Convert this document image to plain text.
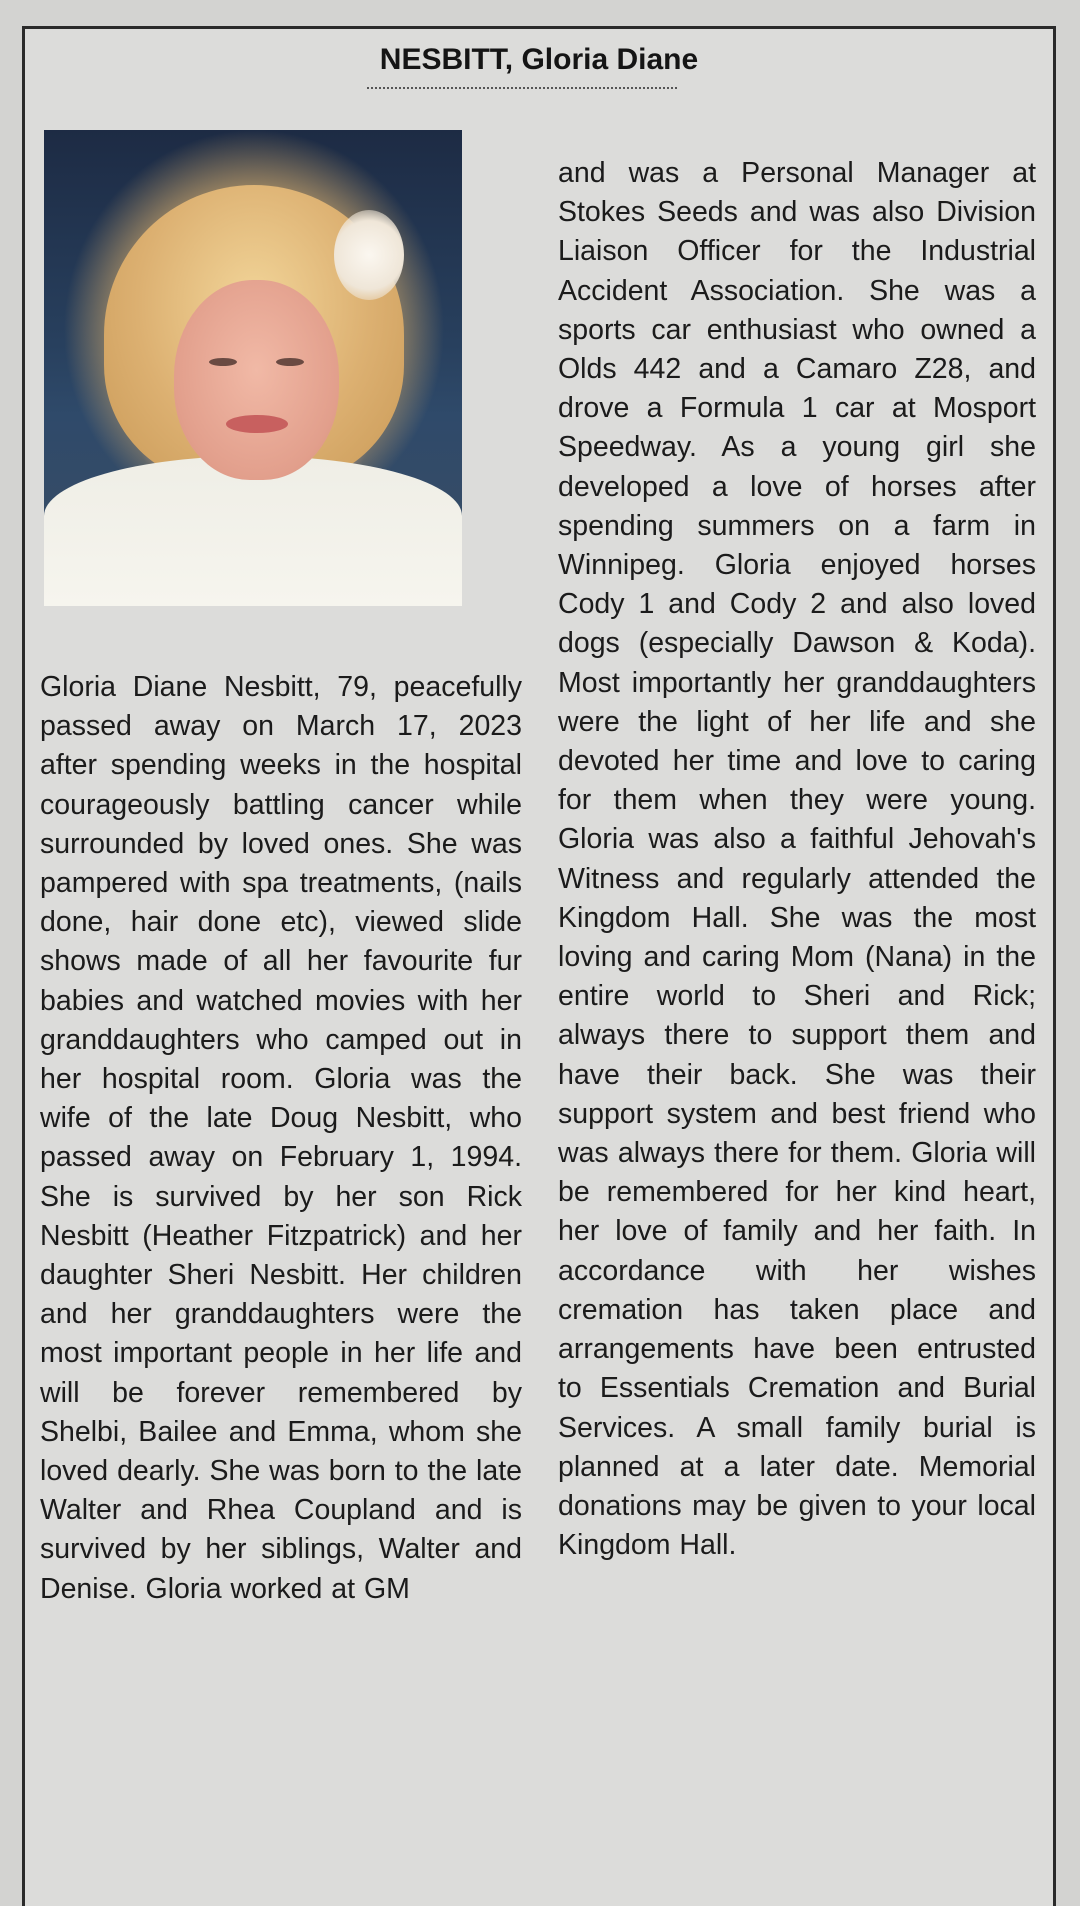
NESBITT, Gloria Diane

Gloria Diane Nesbitt, 79, peacefully passed away on March 17, 2023 after spending weeks in the hospital courageously battling cancer while surrounded by loved ones. She was pampered with spa treatments, (nails done, hair done etc), viewed slide shows made of all her favourite fur babies and watched movies with her granddaughters who camped out in her hospital room. Gloria was the wife of the late Doug Nesbitt, who passed away on February 1, 1994. She is survived by her son Rick Nesbitt (Heather Fitzpatrick) and her daughter Sheri Nesbitt. Her children and her granddaughters were the most important people in her life and will be forever remembered by Shelbi, Bailee and Emma, whom she loved dearly. She was born to the late Walter and Rhea Coupland and is survived by her siblings, Walter and Denise. Gloria worked at GM

and was a Personal Manager at Stokes Seeds and was also Division Liaison Officer for the Industrial Accident Association. She was a sports car enthusiast who owned a Olds 442 and a Camaro Z28, and drove a Formula 1 car at Mosport Speedway. As a young girl she developed a love of horses after spending summers on a farm in Winnipeg. Gloria enjoyed horses Cody 1 and Cody 2 and also loved dogs (especially Dawson & Koda). Most importantly her granddaughters were the light of her life and she devoted her time and love to caring for them when they were young. Gloria was also a faithful Jehovah's Witness and regularly attended the Kingdom Hall. She was the most loving and caring Mom (Nana) in the entire world to Sheri and Rick; always there to support them and have their back. She was their support system and best friend who was always there for them. Gloria will be remembered for her kind heart, her love of family and her faith. In accordance with her wishes cremation has taken place and arrangements have been entrusted to Essentials Cremation and Burial Services. A small family burial is planned at a later date. Memorial donations may be given to your local Kingdom Hall.
